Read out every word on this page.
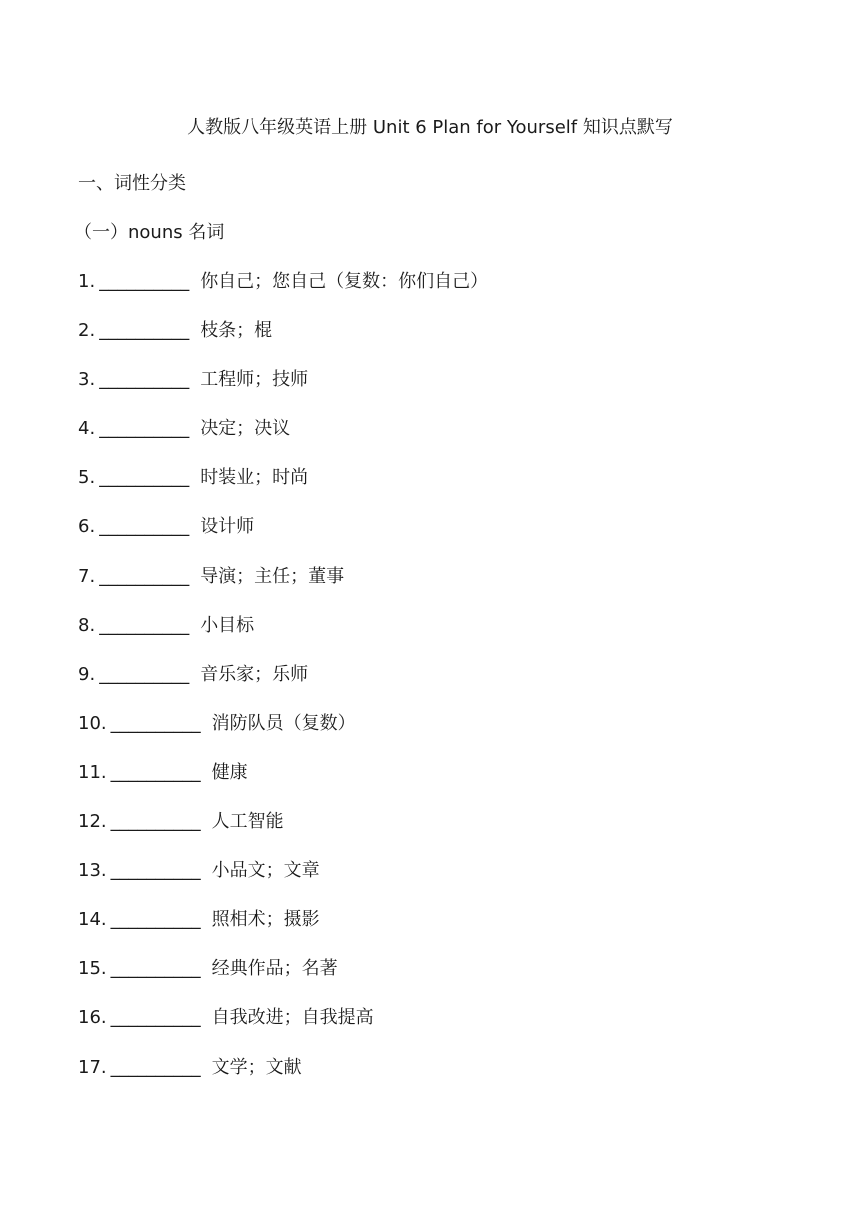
人教版八年级英语上册 Unit 6 Plan for Yourself 知识点默写
一、词性分类
（一）nouns 名词
1. __________ 你自己；您自己（复数：你们自己）
2. __________ 枝条；棍
3. __________ 工程师；技师
4. __________ 决定；决议
5. __________ 时装业；时尚
6. __________ 设计师
7. __________ 导演；主任；董事
8. __________ 小目标
9. __________ 音乐家；乐师
10. __________ 消防队员（复数）
11. __________ 健康
12. __________ 人工智能
13. __________ 小品文；文章
14. __________ 照相术；摄影
15. __________ 经典作品；名著
16. __________ 自我改进；自我提高
17. __________ 文学；文献
